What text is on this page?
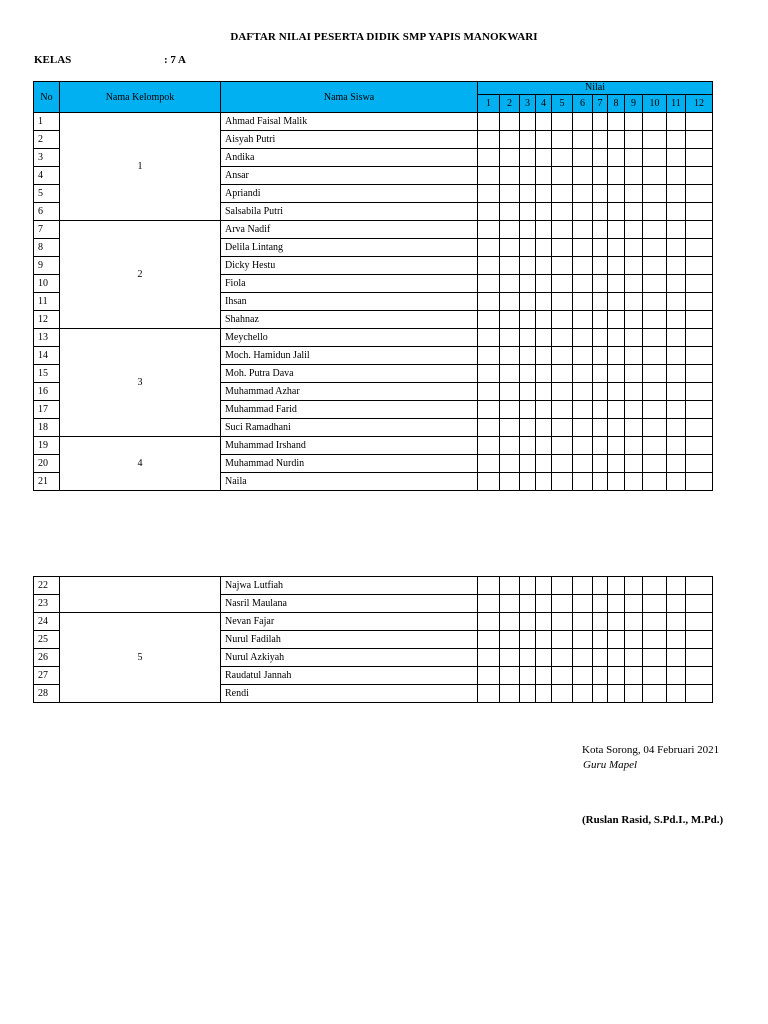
DAFTAR NILAI PESERTA DIDIK SMP YAPIS MANOKWARI
KELAS	: 7 A
No	Nama Kelompok	Nama Siswa	Nilai											
			1	2	3	4	5	6	7	8	9	10	11	12
1	1	Ahmad Faisal Malik												
2		Aisyah Putri												
3		Andika												
4		Ansar												
5		Apriandi												
6		Salsabila Putri												
7	2	Arva Nadif												
8		Delila Lintang												
9		Dicky Hestu												
10		Fiola												
11		Ihsan												
12		Shahnaz												
13	3	Meychello												
14		Moch. Hamidun Jalil												
15		Moh. Putra Dava												
16		Muhammad Azhar												
17		Muhammad Farid												
18		Suci Ramadhani												
19	4	Muhammad Irshand												
20		Muhammad Nurdin												
21		Naila												
22		Najwa Lutfiah												
23		Nasril Maulana												
24	5	Nevan Fajar												
25		Nurul Fadilah												
26		Nurul Azkiyah												
27		Raudatul Jannah												
28		Rendi												
Kota Sorong, 04 Februari 2021
Guru Mapel
(Ruslan Rasid, S.Pd.I., M.Pd.)
